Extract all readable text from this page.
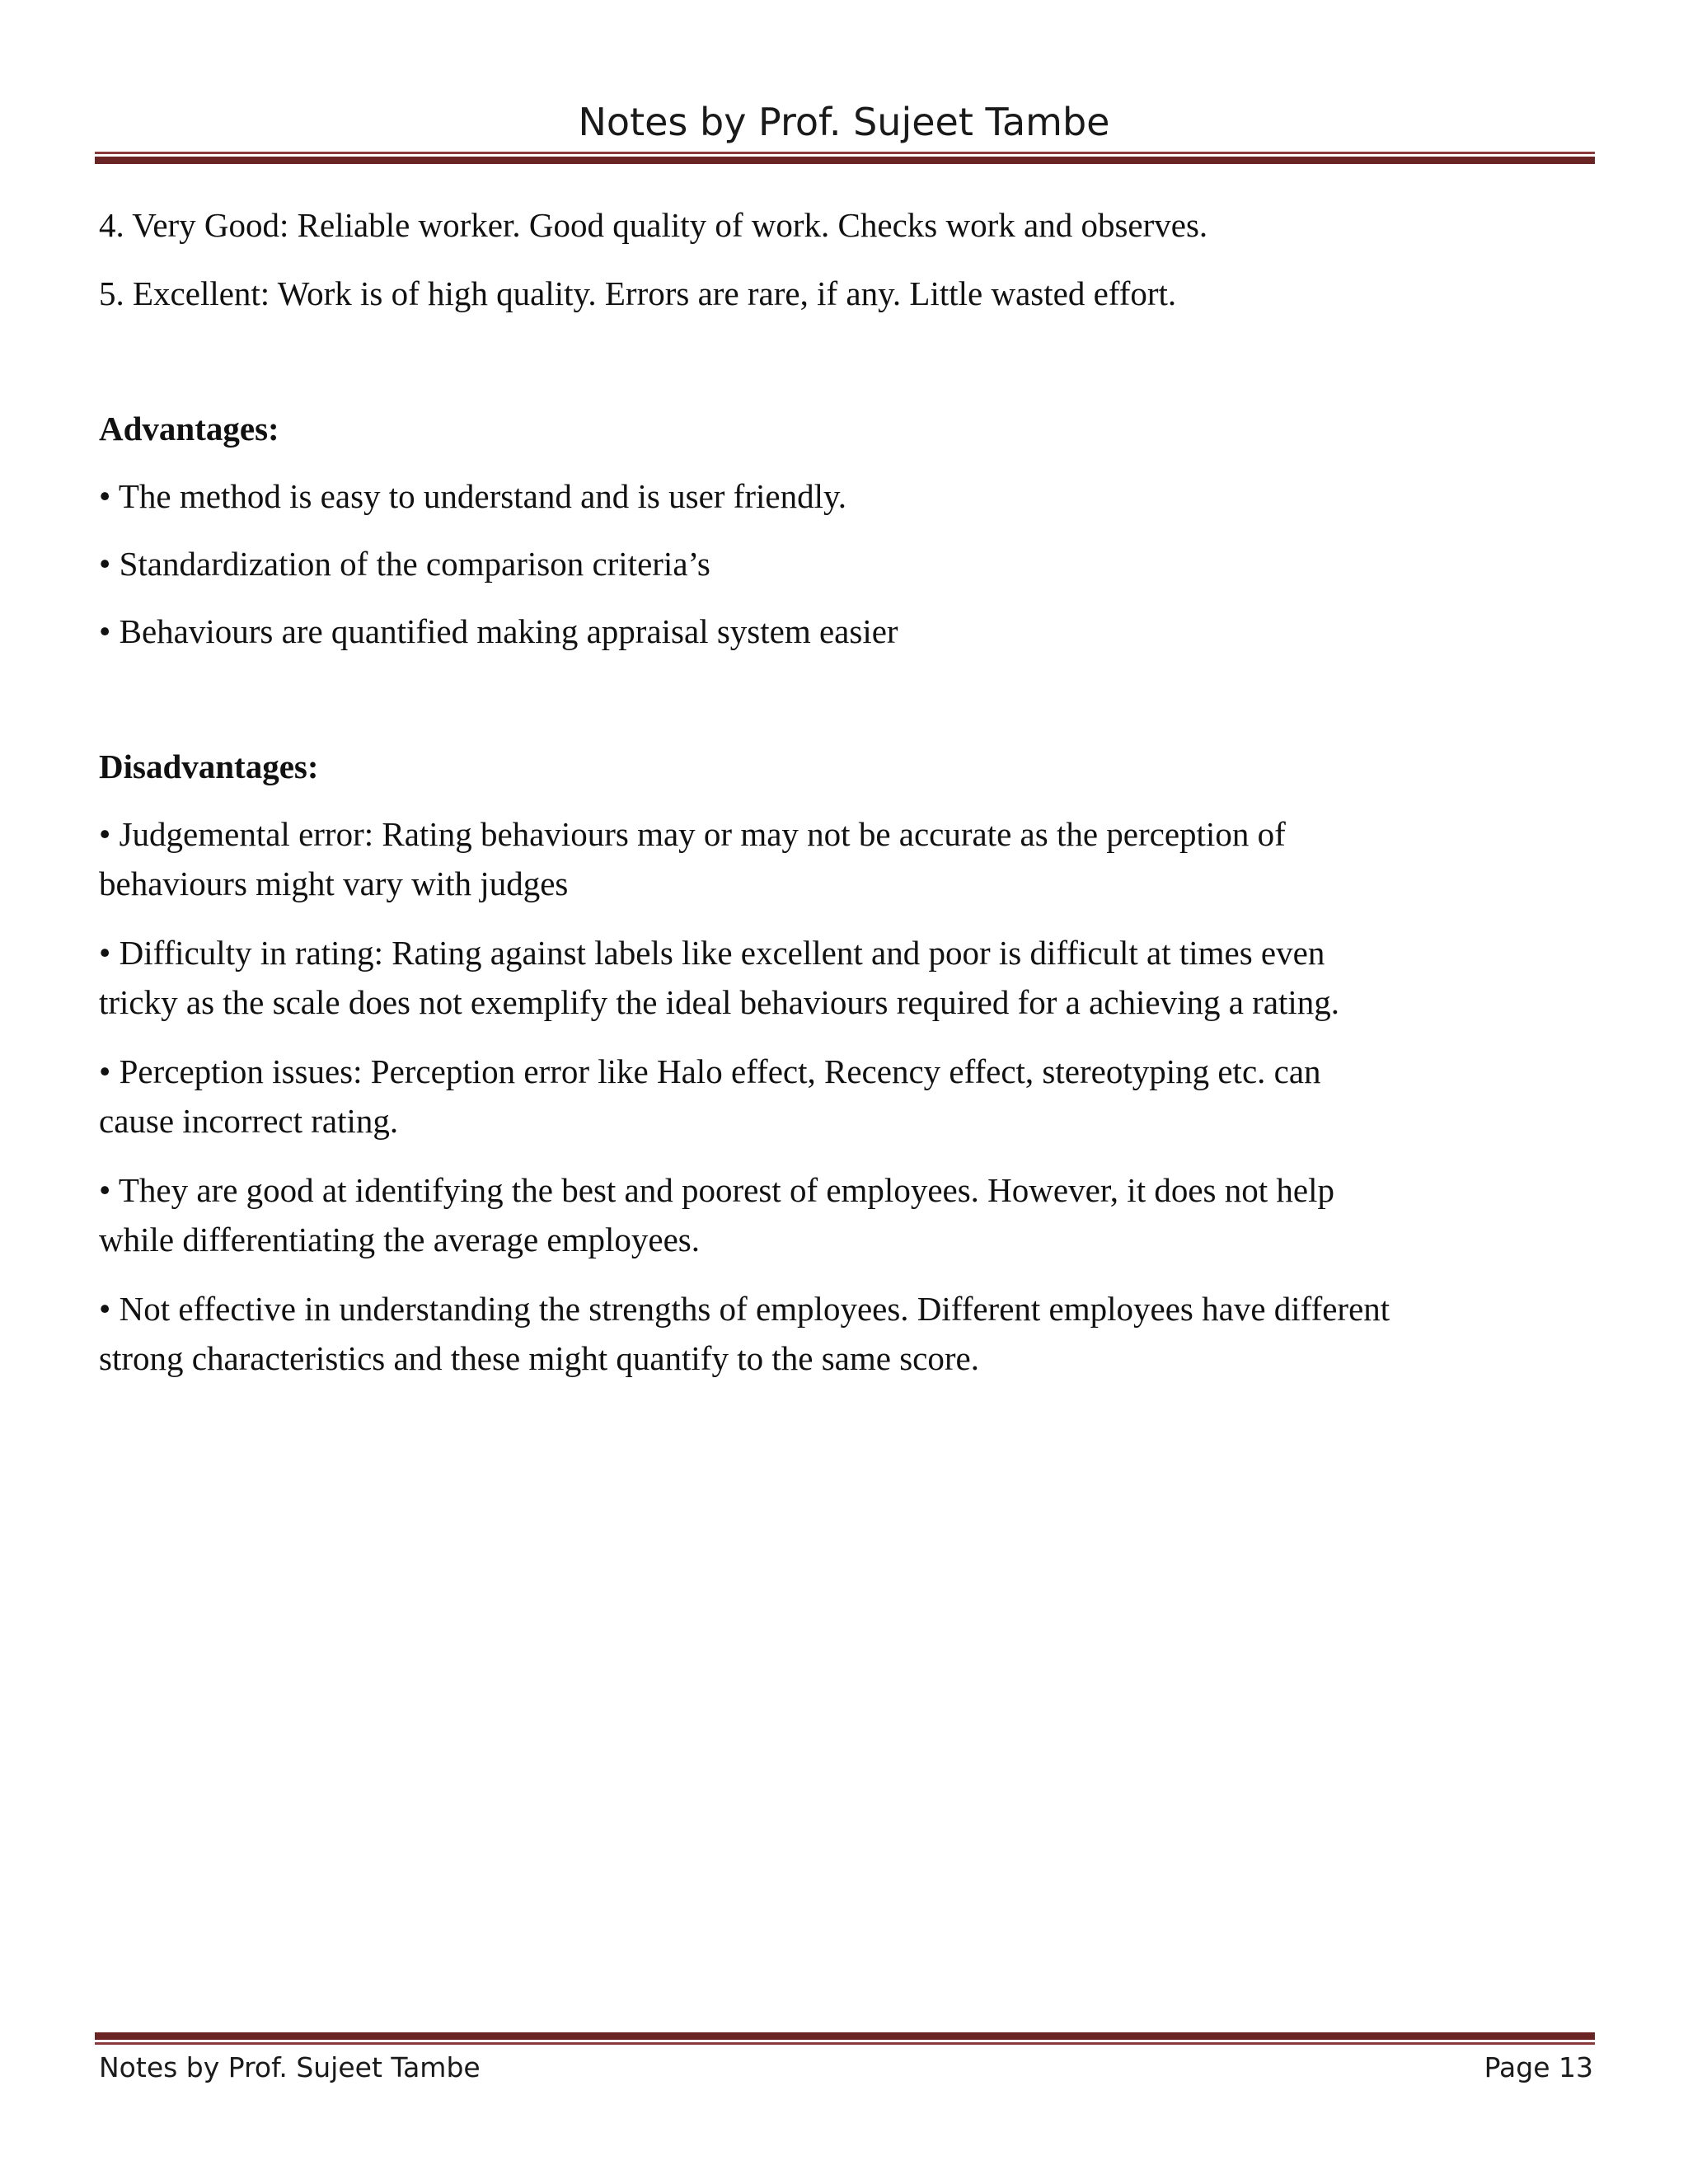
Notes by Prof. Sujeet Tambe
4. Very Good: Reliable worker. Good quality of work. Checks work and observes.
5. Excellent: Work is of high quality. Errors are rare, if any. Little wasted effort.
Advantages:
• The method is easy to understand and is user friendly.
• Standardization of the comparison criteria’s
• Behaviours are quantified making appraisal system easier
Disadvantages:
• Judgemental error: Rating behaviours may or may not be accurate as the perception of
behaviours might vary with judges
• Difficulty in rating: Rating against labels like excellent and poor is difficult at times even
tricky as the scale does not exemplify the ideal behaviours required for a achieving a rating.
• Perception issues: Perception error like Halo effect, Recency effect, stereotyping etc. can
cause incorrect rating.
• They are good at identifying the best and poorest of employees. However, it does not help
while differentiating the average employees.
• Not effective in understanding the strengths of employees. Different employees have different
strong characteristics and these might quantify to the same score.
Notes by Prof. Sujeet Tambe	Page 13
